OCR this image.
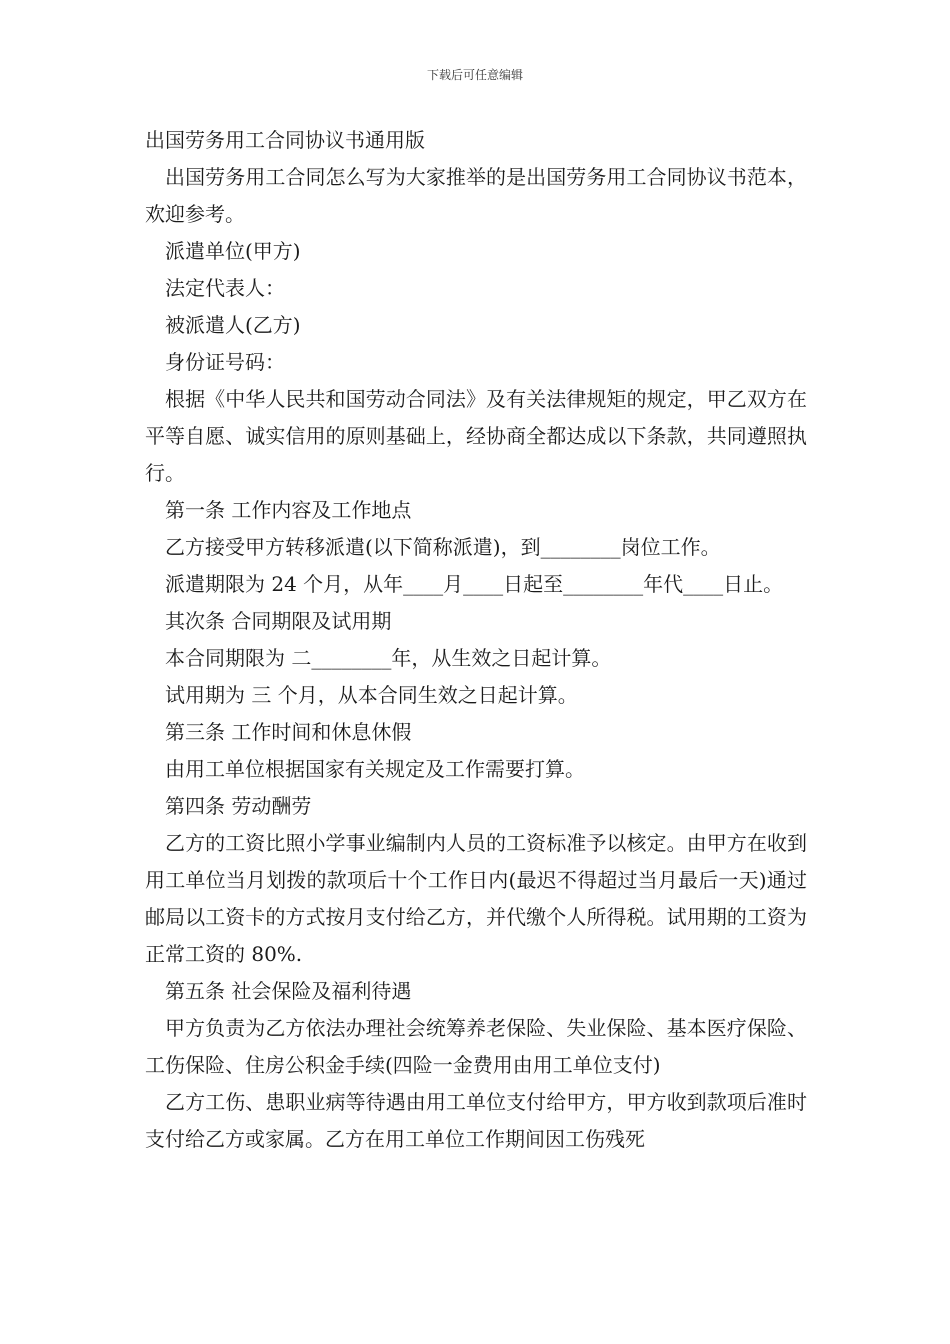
下载后可任意编辑

出国劳务用工合同协议书通用版

出国劳务用工合同怎么写为大家推举的是出国劳务用工合同协议书范本，欢迎参考。

派遣单位(甲方)

法定代表人：

被派遣人(乙方)

身份证号码：

根据《中华人民共和国劳动合同法》及有关法律规矩的规定，甲乙双方在平等自愿、诚实信用的原则基础上，经协商全都达成以下条款，共同遵照执行。

第一条 工作内容及工作地点

乙方接受甲方转移派遣(以下简称派遣)，到________岗位工作。

派遣期限为 24 个月，从年____月____日起至________年代____日止。

其次条 合同期限及试用期

本合同期限为 二________年，从生效之日起计算。

试用期为 三 个月，从本合同生效之日起计算。

第三条 工作时间和休息休假

由用工单位根据国家有关规定及工作需要打算。

第四条 劳动酬劳

乙方的工资比照小学事业编制内人员的工资标准予以核定。由甲方在收到用工单位当月划拨的款项后十个工作日内(最迟不得超过当月最后一天)通过邮局以工资卡的方式按月支付给乙方，并代缴个人所得税。试用期的工资为正常工资的 80%.

第五条 社会保险及福利待遇

甲方负责为乙方依法办理社会统筹养老保险、失业保险、基本医疗保险、工伤保险、住房公积金手续(四险一金费用由用工单位支付)

乙方工伤、患职业病等待遇由用工单位支付给甲方，甲方收到款项后准时支付给乙方或家属。乙方在用工单位工作期间因工伤残死
